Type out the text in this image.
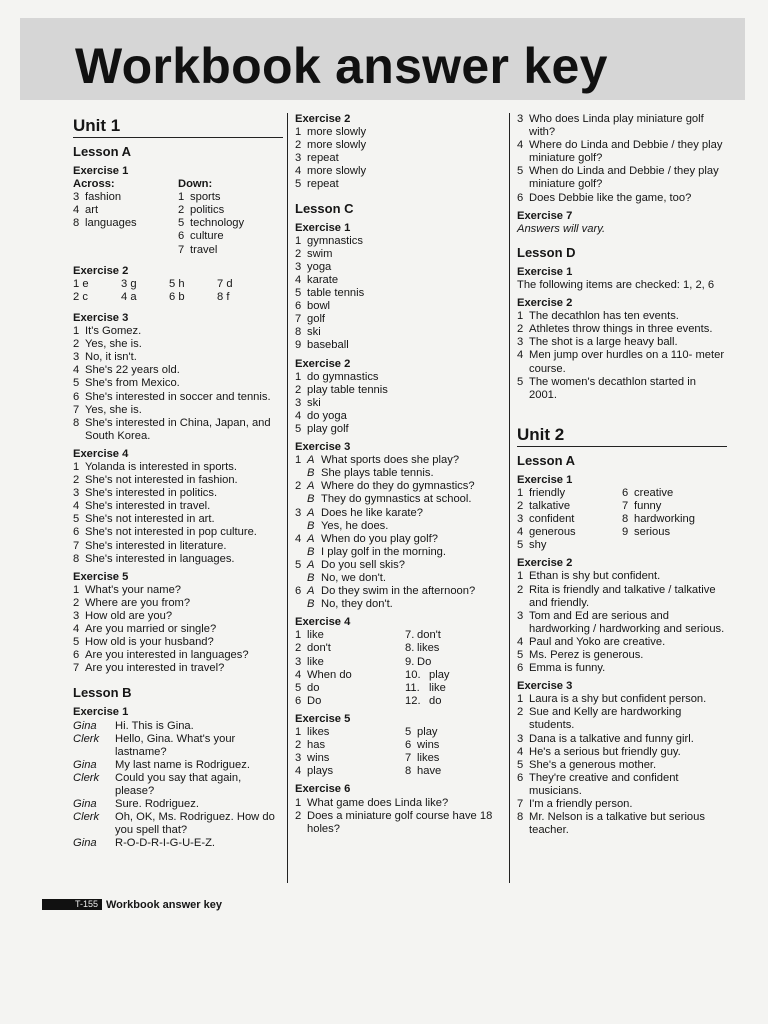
Workbook answer key
Unit 1
Lesson A
Exercise 1
Across:
3 fashion
4 art
8 languages
Down:
1 sports
2 politics
5 technology
6 culture
7 travel
Exercise 2
1 e	3 g	5 h	7 d
2 c	4 a	6 b	8 f
Exercise 3
1 It's Gomez.
2 Yes, she is.
3 No, it isn't.
4 She's 22 years old.
5 She's from Mexico.
6 She's interested in soccer and tennis.
7 Yes, she is.
8 She's interested in China, Japan, and South Korea.
Exercise 4
1 Yolanda is interested in sports.
2 She's not interested in fashion.
3 She's interested in politics.
4 She's interested in travel.
5 She's not interested in art.
6 She's not interested in pop culture.
7 She's interested in literature.
8 She's interested in languages.
Exercise 5
1 What's your name?
2 Where are you from?
3 How old are you?
4 Are you married or single?
5 How old is your husband?
6 Are you interested in languages?
7 Are you interested in travel?
Lesson B
Exercise 1
Gina	Hi. This is Gina.
Clerk	Hello, Gina. What's your lastname?
Gina	My last name is Rodriguez.
Clerk	Could you say that again, please?
Gina	Sure. Rodriguez.
Clerk	Oh, OK, Ms. Rodriguez. How do you spell that?
Gina	R-O-D-R-I-G-U-E-Z.
Exercise 2
1 more slowly
2 more slowly
3 repeat
4 more slowly
5 repeat
Lesson C
Exercise 1
1 gymnastics
2 swim
3 yoga
4 karate
5 table tennis
6 bowl
7 golf
8 ski
9 baseball
Exercise 2
1 do gymnastics
2 play table tennis
3 ski
4 do yoga
5 play golf
Exercise 3
1 A What sports does she play?
B She plays table tennis.
2 A Where do they do gymnastics?
B They do gymnastics at school.
3 A Does he like karate?
B Yes, he does.
4 A When do you play golf?
B I play golf in the morning.
5 A Do you sell skis?
B No, we don't.
6 A Do they swim in the afternoon?
B No, they don't.
Exercise 4
1 like
2 don't
3 like
4 When do
5 do
6 Do
7. don't
8. likes
9. Do
10. play
11. like
12. do
Exercise 5
1 likes
2 has
3 wins
4 plays
5 play
6 wins
7 likes
8 have
Exercise 6
1 What game does Linda like?
2 Does a miniature golf course have 18 holes?
3 Who does Linda play miniature golf with?
4 Where do Linda and Debbie / they play miniature golf?
5 When do Linda and Debbie / they play miniature golf?
6 Does Debbie like the game, too?
Exercise 7
Answers will vary.
Lesson D
Exercise 1
The following items are checked: 1, 2, 6
Exercise 2
1 The decathlon has ten events.
2 Athletes throw things in three events.
3 The shot is a large heavy ball.
4 Men jump over hurdles on a 110- meter course.
5 The women's decathlon started in 2001.
Unit 2
Lesson A
Exercise 1
1 friendly
2 talkative
3 confident
4 generous
5 shy
6 creative
7 funny
8 hardworking
9 serious
Exercise 2
1 Ethan is shy but confident.
2 Rita is friendly and talkative / talkative and friendly.
3 Tom and Ed are serious and hardworking / hardworking and serious.
4 Paul and Yoko are creative.
5 Ms. Perez is generous.
6 Emma is funny.
Exercise 3
1 Laura is a shy but confident person.
2 Sue and Kelly are hardworking students.
3 Dana is a talkative and funny girl.
4 He's a serious but friendly guy.
5 She's a generous mother.
6 They're creative and confident musicians.
7 I'm a friendly person.
8 Mr. Nelson is a talkative but serious teacher.
T-155 Workbook answer key
